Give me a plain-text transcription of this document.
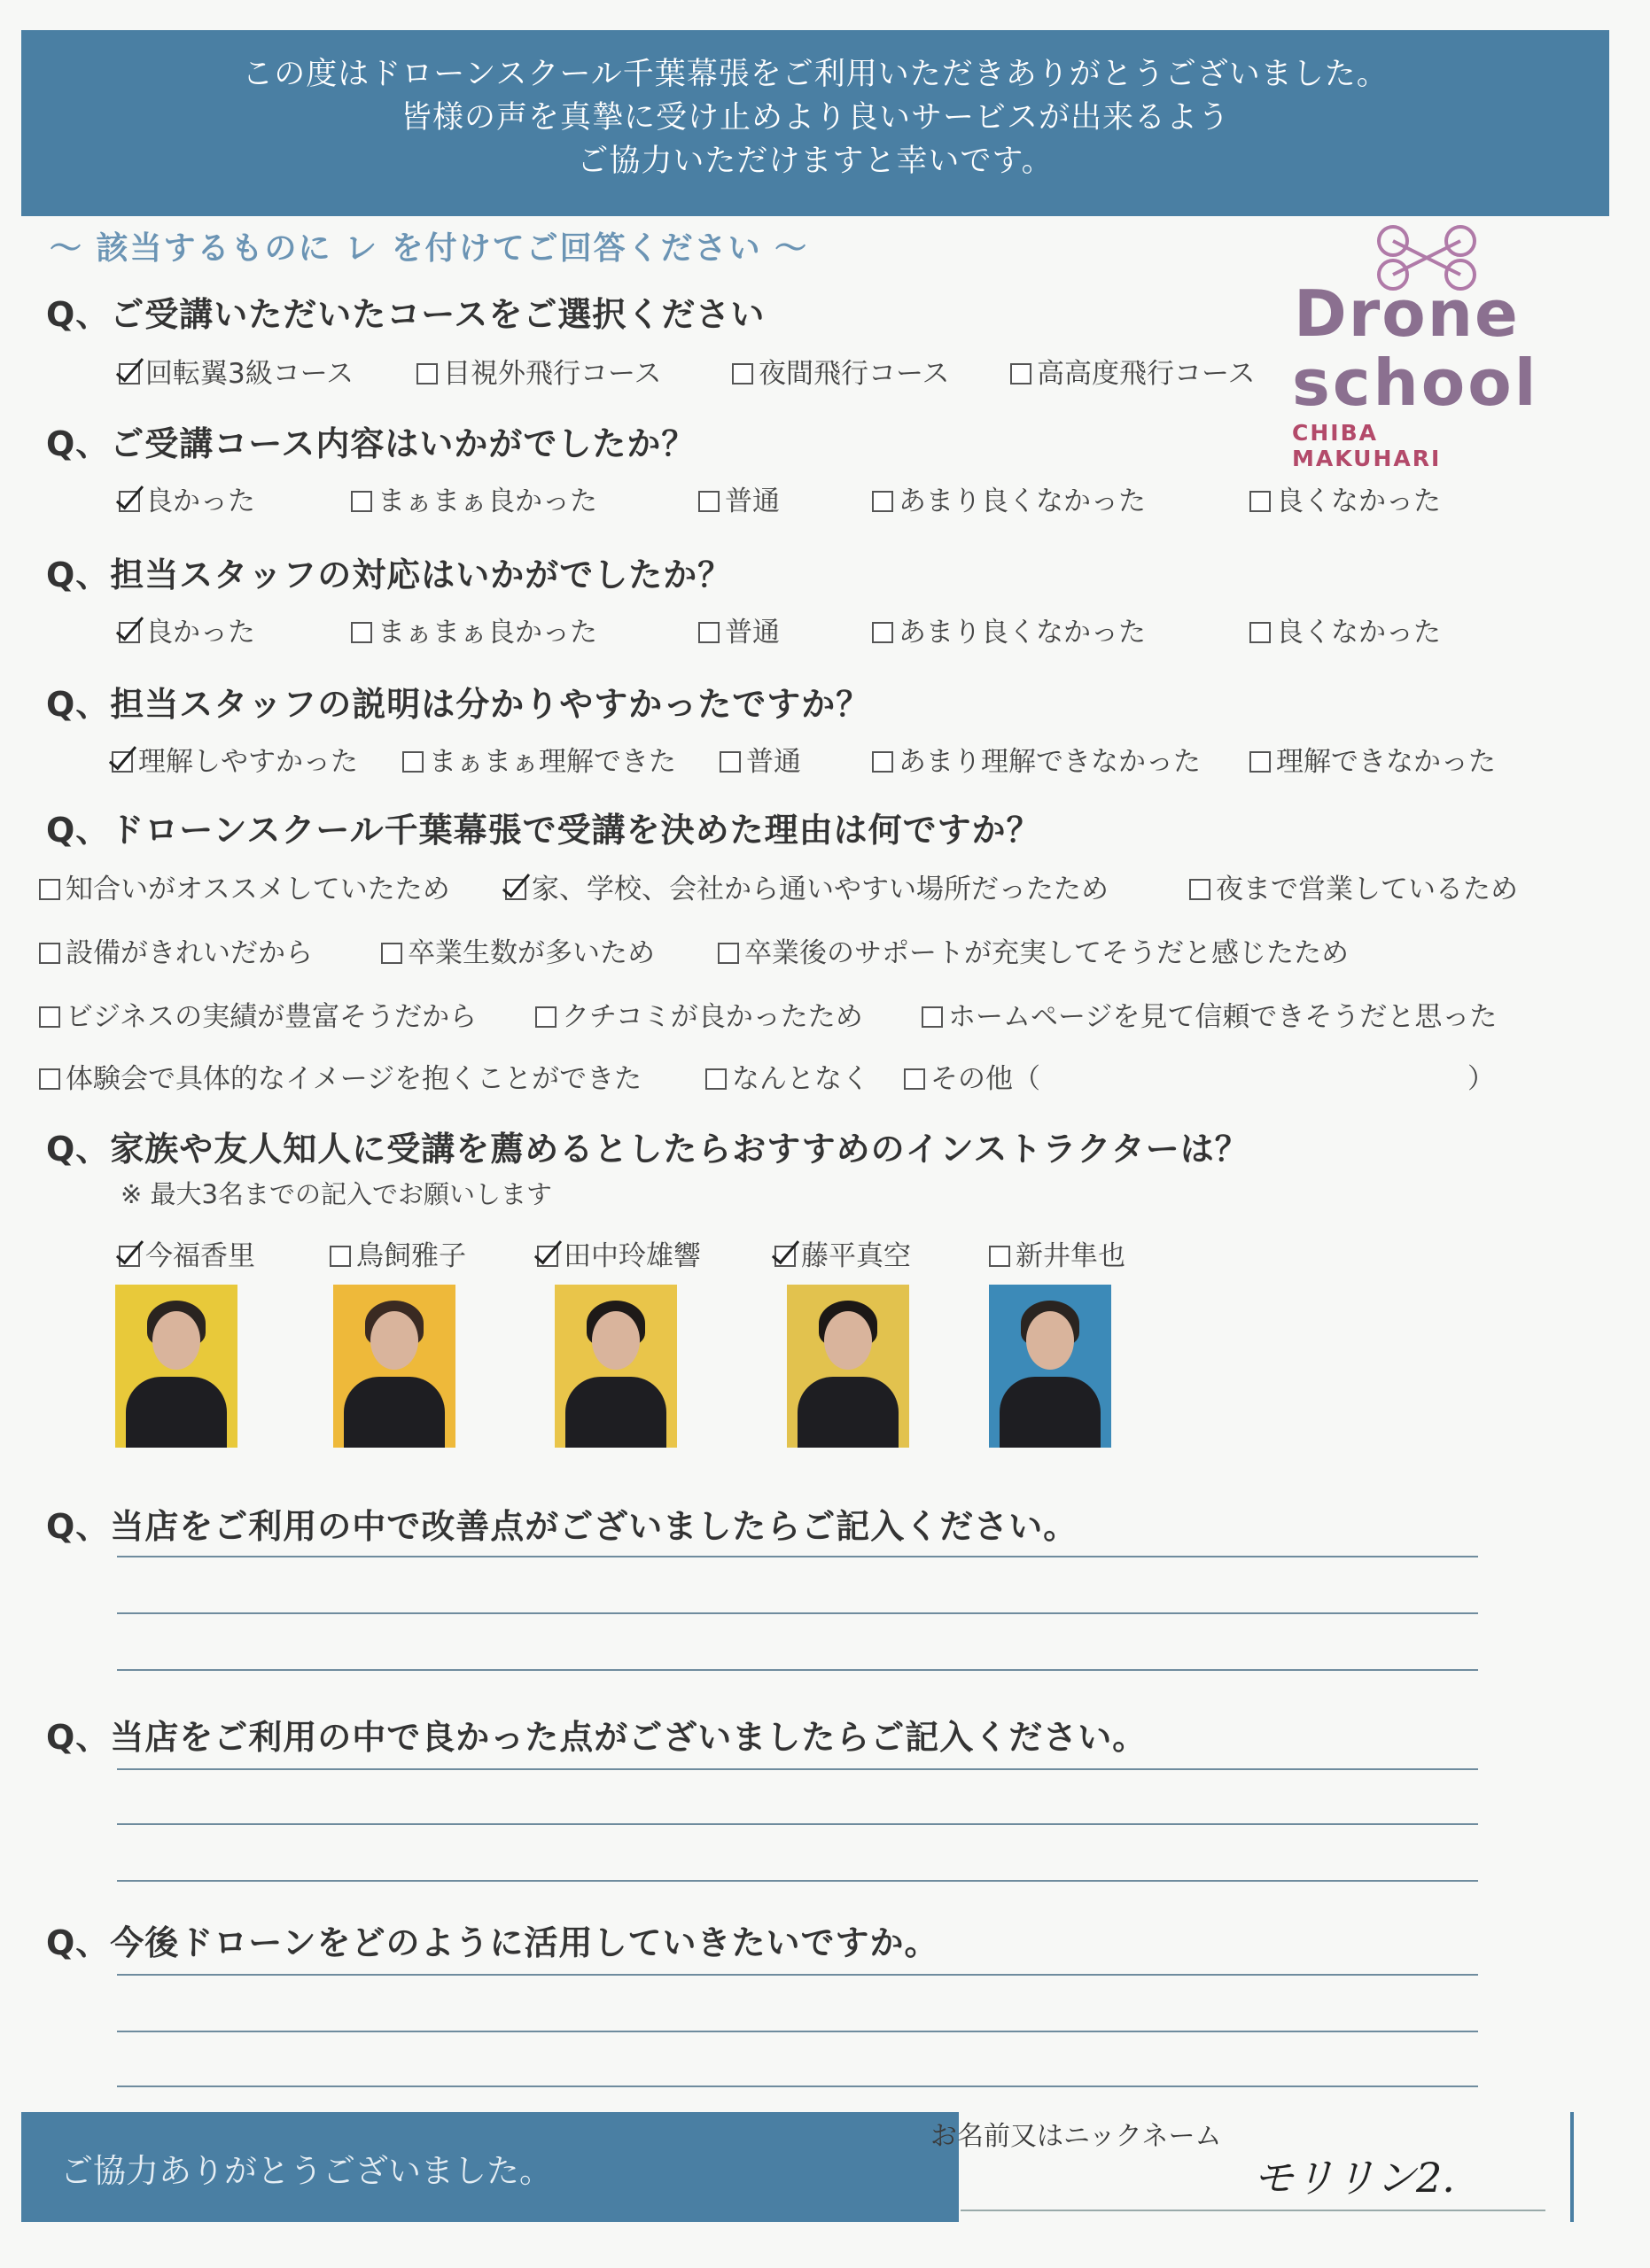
この度はドローンスクール千葉幕張をご利用いただきありがとうございました。

皆様の声を真摯に受け止めより良いサービスが出来るよう

ご協力いただけますと幸いです。

～ 該当するものに レ を付けてご回答ください ～
Drone
school
CHIBA MAKUHARI
Q、ご受講いただいたコースをご選択ください
回転翼3級コース	目視外飛行コース	夜間飛行コース	高高度飛行コース
Q、ご受講コース内容はいかがでしたか？
良かった	まぁまぁ良かった	普通	あまり良くなかった	良くなかった
Q、担当スタッフの対応はいかがでしたか？
良かった	まぁまぁ良かった	普通	あまり良くなかった	良くなかった
Q、担当スタッフの説明は分かりやすかったですか？
理解しやすかった	まぁまぁ理解できた	普通	あまり理解できなかった	理解できなかった
Q、ドローンスクール千葉幕張で受講を決めた理由は何ですか？
知合いがオススメしていたため	家、学校、会社から通いやすい場所だったため	夜まで営業しているため
設備がきれいだから	卒業生数が多いため	卒業後のサポートが充実してそうだと感じたため
ビジネスの実績が豊富そうだから	クチコミが良かったため	ホームページを見て信頼できそうだと思った
体験会で具体的なイメージを抱くことができた	なんとなく	その他（	）
Q、家族や友人知人に受講を薦めるとしたらおすすめのインストラクターは？
※ 最大3名までの記入でお願いします
今福香里	鳥飼雅子	田中玲雄響	藤平真空	新井隼也
Q、当店をご利用の中で改善点がございましたらご記入ください。
Q、当店をご利用の中で良かった点がございましたらご記入ください。
Q、今後ドローンをどのように活用していきたいですか。
ご協力ありがとうございました。
お名前又はニックネーム
モリリン2.
